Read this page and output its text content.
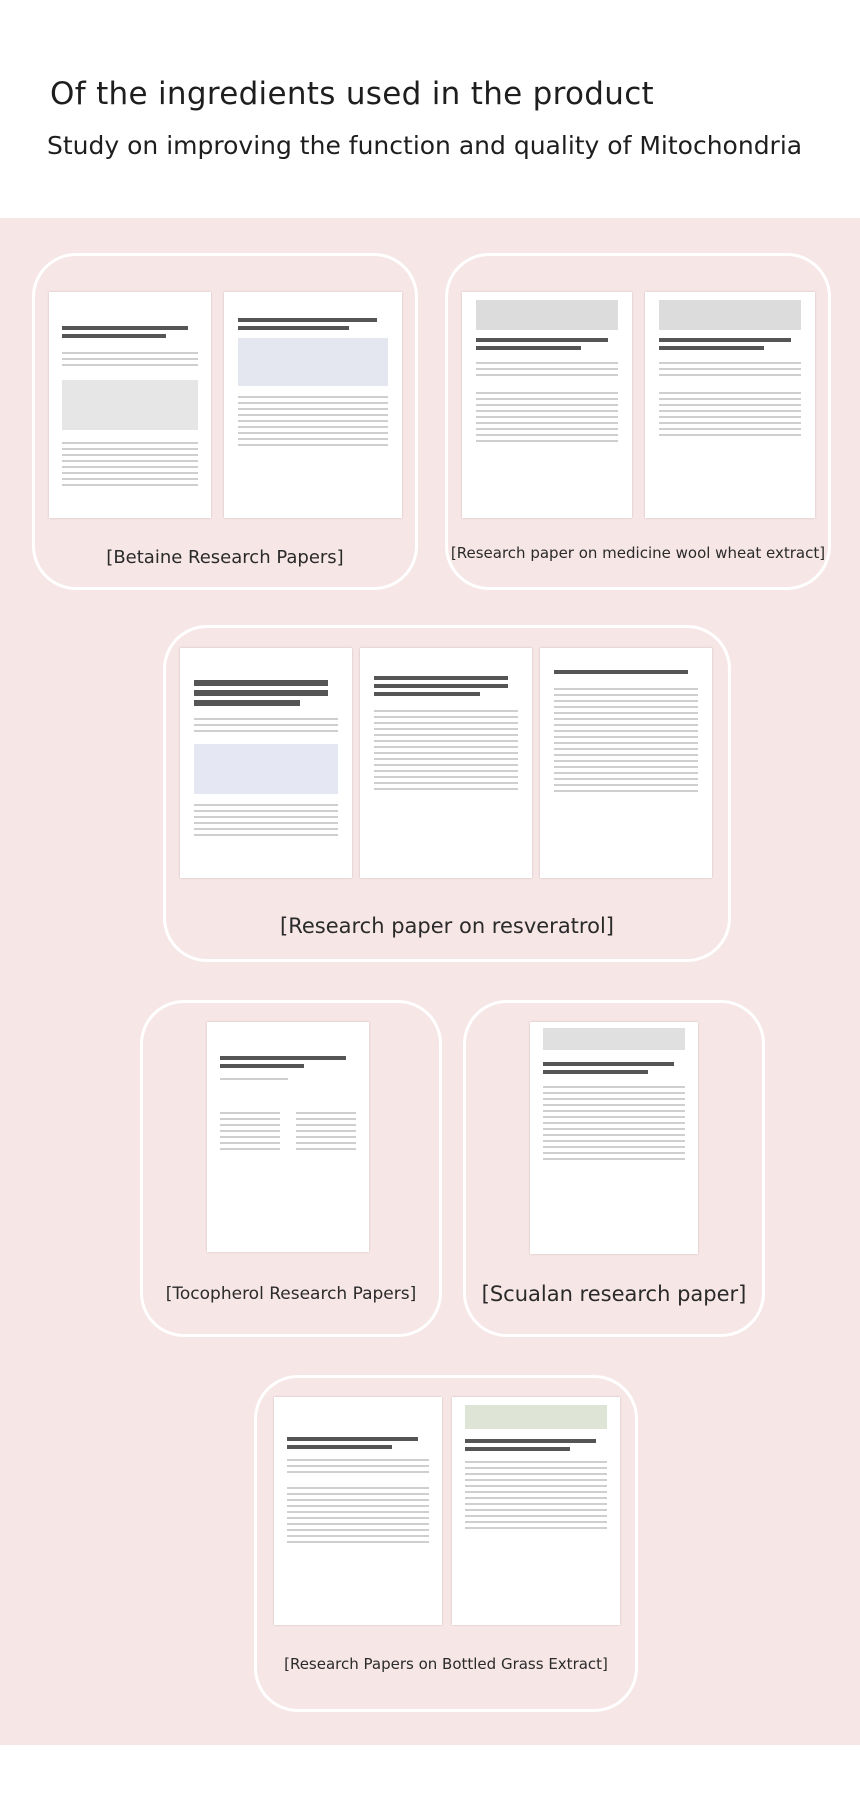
Of the ingredients used in the product
Study on improving the function and quality of Mitochondria
[Betaine Research Papers]	[Research paper on medicine wool wheat extract]
[Research paper on resveratrol]
[Tocopherol Research Papers]	[Scualan research paper]
[Research Papers on Bottled Grass Extract]
